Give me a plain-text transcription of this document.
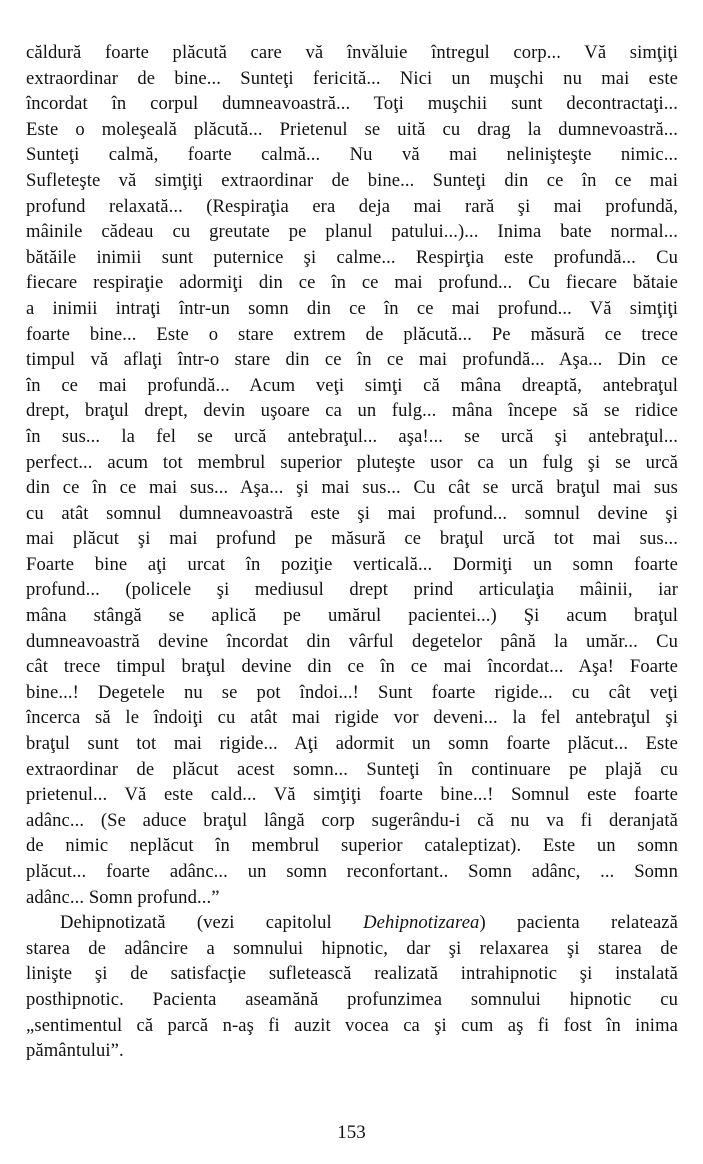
căldură foarte plăcută care vă învăluie întregul corp... Vă simţiţi
extraordinar de bine... Sunteţi fericită... Nici un muşchi nu mai este
încordat în corpul dumneavoastră... Toţi muşchii sunt decontractaţi...
Este o moleşeală plăcută... Prietenul se uită cu drag la dumnevoastră...
Sunteţi calmă, foarte calmă... Nu vă mai nelinişteşte nimic...
Sufleteşte vă simţiţi extraordinar de bine... Sunteţi din ce în ce mai
profund relaxată... (Respiraţia era deja mai rară şi mai profundă,
mâinile cădeau cu greutate pe planul patului...)... Inima bate normal...
bătăile inimii sunt puternice şi calme... Respirţia este profundă... Cu
fiecare respiraţie adormiţi din ce în ce mai profund... Cu fiecare bătaie
a inimii intraţi într-un somn din ce în ce mai profund... Vă simţiţi
foarte bine... Este o stare extrem de plăcută... Pe măsură ce trece
timpul vă aflaţi într-o stare din ce în ce mai profundă... Aşa... Din ce
în ce mai profundă... Acum veţi simţi că mâna dreaptă, antebraţul
drept, braţul drept, devin uşoare ca un fulg... mâna începe să se ridice
în sus... la fel se urcă antebraţul... aşa!... se urcă şi antebraţul...
perfect... acum tot membrul superior pluteşte usor ca un fulg şi se urcă
din ce în ce mai sus... Aşa... şi mai sus... Cu cât se urcă braţul mai sus
cu atât somnul dumneavoastră este şi mai profund... somnul devine şi
mai plăcut şi mai profund pe măsură ce braţul urcă tot mai sus...
Foarte bine aţi urcat în poziţie verticală... Dormiţi un somn foarte
profund... (policele şi mediusul drept prind articulaţia mâinii, iar
mâna stângă se aplică pe umărul pacientei...) Şi acum braţul
dumneavoastră devine încordat din vârful degetelor până la umăr... Cu
cât trece timpul braţul devine din ce în ce mai încordat... Aşa! Foarte
bine...! Degetele nu se pot îndoi...! Sunt foarte rigide... cu cât veţi
încerca să le îndoiţi cu atât mai rigide vor deveni... la fel antebraţul şi
braţul sunt tot mai rigide... Aţi adormit un somn foarte plăcut... Este
extraordinar de plăcut acest somn... Sunteţi în continuare pe plajă cu
prietenul... Vă este cald... Vă simţiţi foarte bine...! Somnul este foarte
adânc... (Se aduce braţul lângă corp sugerându-i că nu va fi deranjată
de nimic neplăcut în membrul superior cataleptizat). Este un somn
plăcut... foarte adânc... un somn reconfortant.. Somn adânc, ... Somn
adânc... Somn profund...”
Dehipnotizată (vezi capitolul Dehipnotizarea) pacienta relatează
starea de adâncire a somnului hipnotic, dar şi relaxarea şi starea de
linişte şi de satisfacţie sufletească realizată intrahipnotic şi instalată
posthipnotic. Pacienta aseamănă profunzimea somnului hipnotic cu
„sentimentul că parcă n-aş fi auzit vocea ca şi cum aş fi fost în inima
pământului”.
153
